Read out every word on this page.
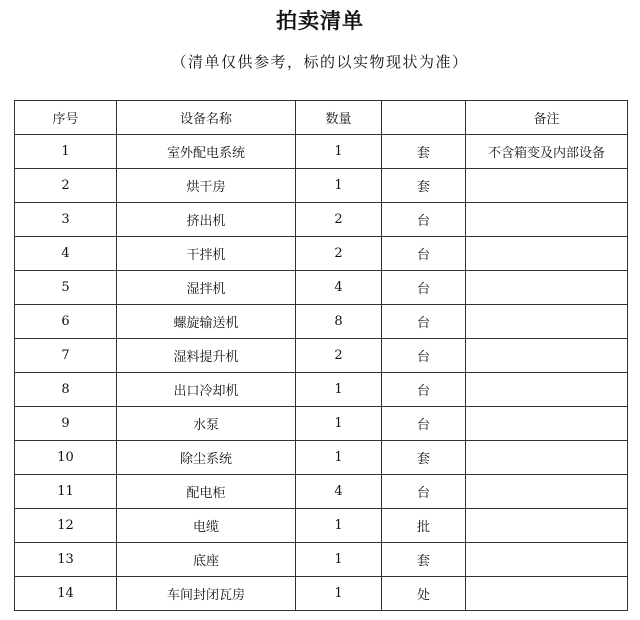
拍卖清单
（清单仅供参考，标的以实物现状为准）
序号	设备名称	数量		备注
1	室外配电系统	1	套	不含箱变及内部设备
2	烘干房	1	套	
3	挤出机	2	台	
4	干拌机	2	台	
5	湿拌机	4	台	
6	螺旋输送机	8	台	
7	湿料提升机	2	台	
8	出口冷却机	1	台	
9	水泵	1	台	
10	除尘系统	1	套	
11	配电柜	4	台	
12	电缆	1	批	
13	底座	1	套	
14	车间封闭瓦房	1	处	
